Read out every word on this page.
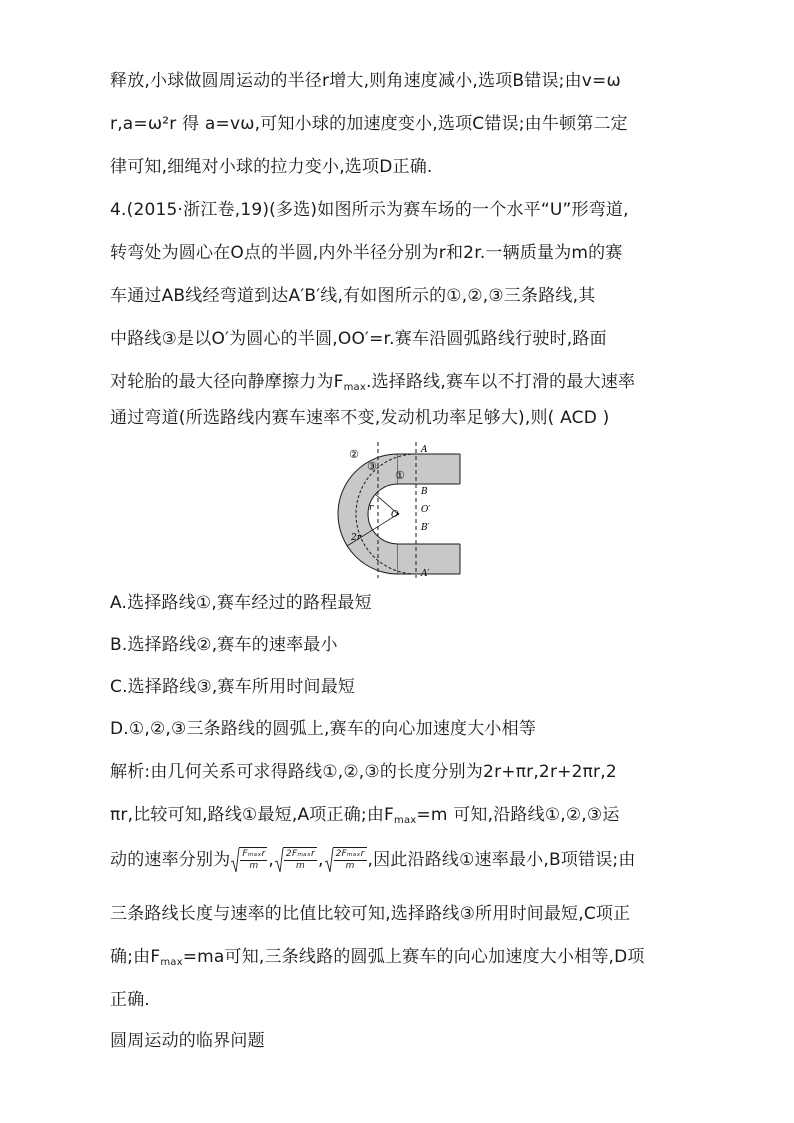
释放,小球做圆周运动的半径r增大,则角速度减小,选项B错误;由v=ω
r,a=ω²r 得 a=vω,可知小球的加速度变小,选项C错误;由牛顿第二定
律可知,细绳对小球的拉力变小,选项D正确.
4.(2015·浙江卷,19)(多选)如图所示为赛车场的一个水平“U”形弯道,
转弯处为圆心在O点的半圆,内外半径分别为r和2r.一辆质量为m的赛
车通过AB线经弯道到达A′B′线,有如图所示的①,②,③三条路线,其
中路线③是以O′为圆心的半圆,OO′=r.赛车沿圆弧路线行驶时,路面
对轮胎的最大径向静摩擦力为$F_{max}$.选择路线,赛车以不打滑的最大速率
通过弯道(所选路线内赛车速率不变,发动机功率足够大),则( ACD )
②
③
①
A
B
O	O′
B′
A′
r
2r
A.选择路线①,赛车经过的路程最短
B.选择路线②,赛车的速率最小
C.选择路线③,赛车所用时间最短
D.①,②,③三条路线的圆弧上,赛车的向心加速度大小相等
解析:由几何关系可求得路线①,②,③的长度分别为2r+πr,2r+2πr,2
πr,比较可知,路线①最短,A项正确;由$F_{max}=m$ 可知,沿路线①,②,③运
动的速率分别为 $\frac{\text{Fₘₐₓr}}{m}$ , $\frac{\text{2Fₘₐₓr}}{m}$ , $\frac{\text{2Fₘₐₓr}}{m}$ ,因此沿路线①速率最小,B项错误;由
三条路线长度与速率的比值比较可知,选择路线③所用时间最短,C项正
确;由$F_{max}=ma$可知,三条线路的圆弧上赛车的向心加速度大小相等,D项
正确.
圆周运动的临界问题
